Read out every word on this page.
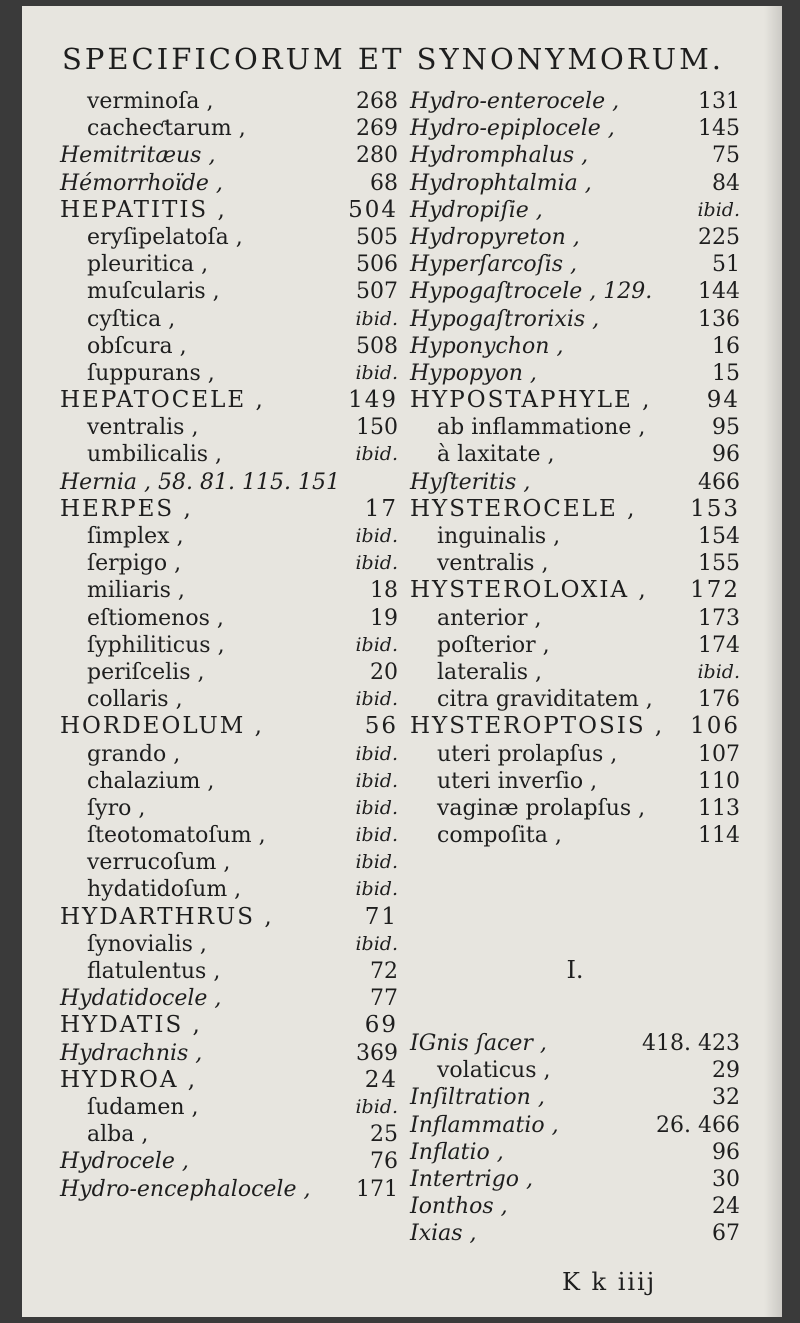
SPECIFICORUM ET SYNONYMORUM.
verminoſa ,	268
cacheƈtarum ,	269
Hemitritæus ,	280
Hémorrhoïde ,	68
HEPATITIS ,	504
eryſipelatoſa ,	505
pleuritica ,	506
muſcularis ,	507
cyſtica ,	ibid.
obſcura ,	508
ſuppurans ,	ibid.
HEPATOCELE ,	149
ventralis ,	150
umbilicalis ,	ibid.
Hernia , 58. 81. 115. 151
HERPES ,	17
ſimplex ,	ibid.
ſerpigo ,	ibid.
miliaris ,	18
eſtiomenos ,	19
ſyphiliticus ,	ibid.
periſcelis ,	20
collaris ,	ibid.
HORDEOLUM ,	56
grando ,	ibid.
chalazium ,	ibid.
ſyro ,	ibid.
ſteotomatoſum ,	ibid.
verrucoſum ,	ibid.
hydatidoſum ,	ibid.
HYDARTHRUS ,	71
ſynovialis ,	ibid.
flatulentus ,	72
Hydatidocele ,	77
HYDATIS ,	69
Hydrachnis ,	369
HYDROA ,	24
ſudamen ,	ibid.
alba ,	25
Hydrocele ,	76
Hydro-encephalocele , 171
Hydro-enterocele ,	131
Hydro-epiplocele ,	145
Hydromphalus ,	75
Hydrophtalmia ,	84
Hydropiſie ,	ibid.
Hydropyreton ,	225
Hyperſarcoſis ,	51
Hypogaſtrocele , 129. 144
Hypogaſtrorixis ,	136
Hyponychon ,	16
Hypopyon ,	15
HYPOSTAPHYLE , 94
ab inflammatione ,	95
à laxitate ,	96
Hyſteritis ,	466
HYSTEROCELE , 153
inguinalis ,	154
ventralis ,	155
HYSTEROLOXIA , 172
anterior ,	173
poſterior ,	174
lateralis ,	ibid.
citra graviditatem , 176
HYSTEROPTOSIS , 106
uteri prolapſus ,	107
uteri inverſio ,	110
vaginæ prolapſus , 113
compoſita ,	114
I.
IGnis ſacer ,	418. 423
volaticus ,	29
Inſiltration ,	32
Inflammatio ,	26. 466
Inflatio ,	96
Intertrigo ,	30
Ionthos ,	24
Ixias ,	67
K k iiij
